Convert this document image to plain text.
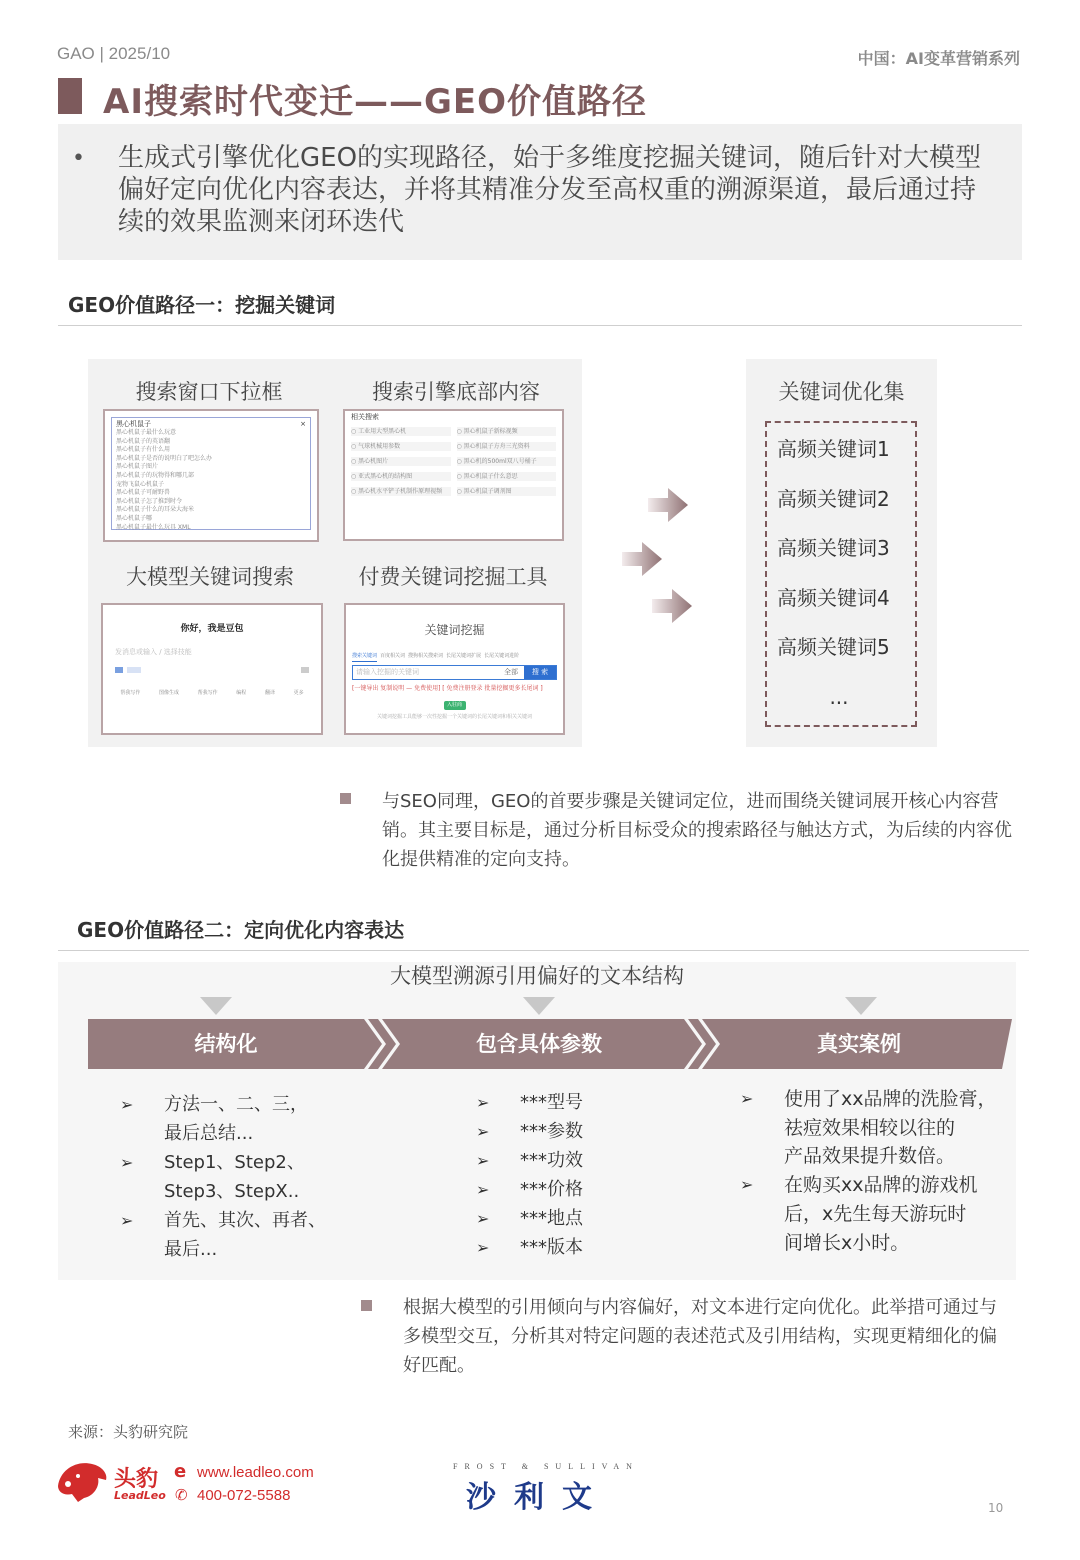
GAO | 2025/10	中国：AI变革营销系列
AI搜索时代变迁——GEO价值路径
• 生成式引擎优化GEO的实现路径，始于多维度挖掘关键词，随后针对大模型偏好定向优化内容表达，并将其精准分发至高权重的溯源渠道，最后通过持续的效果监测来闭环迭代
GEO价值路径一：挖掘关键词
搜索窗口下拉框	搜索引擎底部内容
大模型关键词搜索	付费关键词挖掘工具
黑心机鼠子	×
黑心机鼠子最什么玩意
黑心机鼠子的英语翻
黑心机鼠子有什么用
黑心机鼠子是否的说明白了吧怎么办
黑心机鼠子图片
黑心机鼠子的玩物得和哪几部
宠物飞鼠心机鼠子
黑心机鼠子可耐野兽
黑心机鼠子怎了推到时令
黑心机鼠子什么的耳朵大海米
黑心机鼠子哪
黑心机鼠子最什么玩具 XML
相关搜索
○ 工业用大型黑心机
○ 气球机械用参数
○ 黑心机图片
○ 亚式黑心机的结构图
○ 黑心机水平铲子机制作原理视频
○ 黑心机鼠子新标视频
○ 黑心机鼠子方舟三光资料
○ 黑心机的500ml双八号桶子
○ 黑心机鼠子什么意思
○ 黑心机鼠子调剂图
你好，我是豆包
发消息或输入 / 选择技能
帮我写作	图像生成	帮我写作	编程	翻译	更多
关键词挖掘
搜索关键词 百度相关词 搜狗相关搜索词 长尾关键词扩展 长尾关键词进阶
请输入挖掘的关键词	全部	搜 索
[一键导出 复制说明 — 免费使用] [ 免费注册登录 批量挖掘更多长尾词 ]
入驻商
关键词挖掘工具能够一次性挖掘一个关键词的长尾关键词和相关关键词
关键词优化集
高频关键词1
高频关键词2
高频关键词3
高频关键词4
高频关键词5
...
与SEO同理，GEO的首要步骤是关键词定位，进而围绕关键词展开核心内容营销。其主要目标是，通过分析目标受众的搜索路径与触达方式，为后续的内容优化提供精准的定向支持。
GEO价值路径二：定向优化内容表达
大模型溯源引用偏好的文本结构
结构化	包含具体参数	真实案例
➢ 方法一、二、三，
最后总结...
➢ Step1、Step2、
Step3、StepX..
➢ 首先、其次、再者、
最后...
➢ ***型号
➢ ***参数
➢ ***功效
➢ ***价格
➢ ***地点
➢ ***版本
➢ 使用了xx品牌的洗脸膏，
祛痘效果相较以往的
产品效果提升数倍。
➢ 在购买xx品牌的游戏机
后，x先生每天游玩时
间增长x小时。
根据大模型的引用倾向与内容偏好，对文本进行定向优化。此举措可通过与多模型交互，分析其对特定问题的表述范式及引用结构，实现更精细化的偏好匹配。
来源：头豹研究院
头豹
LeadLeo
e www.leadleo.com
✆ 400-072-5588
FROST & SULLIVAN
沙利文	10
